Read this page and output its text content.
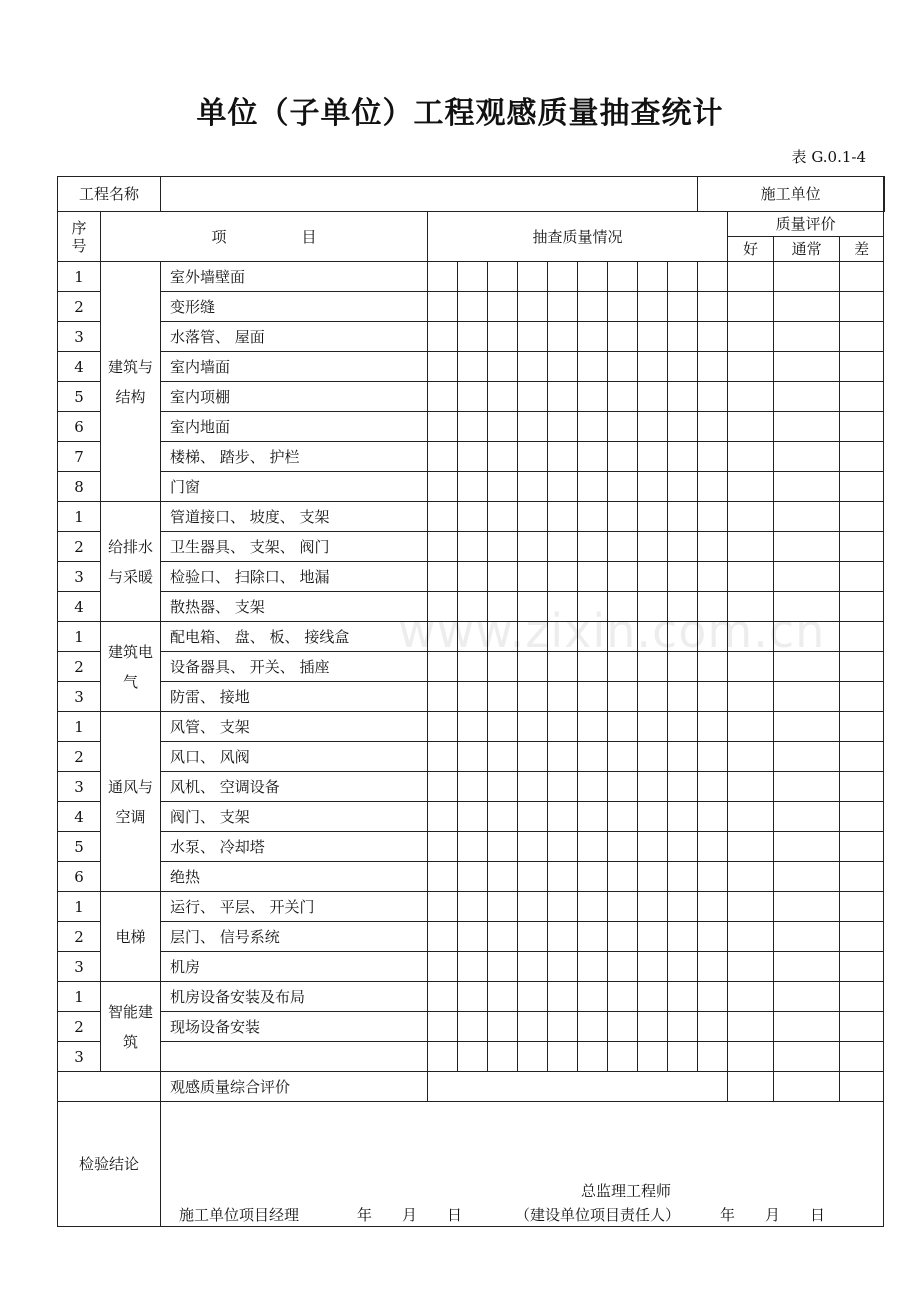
单位（子单位）工程观感质量抽查统计
表 G.0.1-4
工程名称												施工单位				

序
号	项　　　　　目		抽查质量情况										质量评价			
													好	通常	差	
1	建筑与结构	室外墙壁面														
2		变形缝														
3		水落管、 屋面														
4		室内墙面														
5		室内项棚														
6		室内地面														
7		楼梯、 踏步、 护栏														
8		门窗														
1	给排水与采暖	管道接口、 坡度、 支架														
2		卫生器具、 支架、 阀门														
3		检验口、 扫除口、 地漏														
4		散热器、 支架														
1	建筑电气	配电箱、 盘、 板、 接线盒														
2		设备器具、 开关、 插座														
3		防雷、 接地														
1	通风与空调	风管、 支架														
2		风口、 风阀														
3		风机、 空调设备														
4		阀门、 支架														
5		水泵、 冷却塔														
6		绝热														
1	电梯	运行、 平层、 开关门														
2		层门、 信号系统														
3		机房														
1	智能建筑	机房设备安装及布局														
2		现场设备安装														
3																
		观感质量综合评价														
检验结论		施工单位项目经理 年　　月　　日
总监理工程师
（建设单位项目责任人） 年　　月　　日														
www.zixin.com.cn
